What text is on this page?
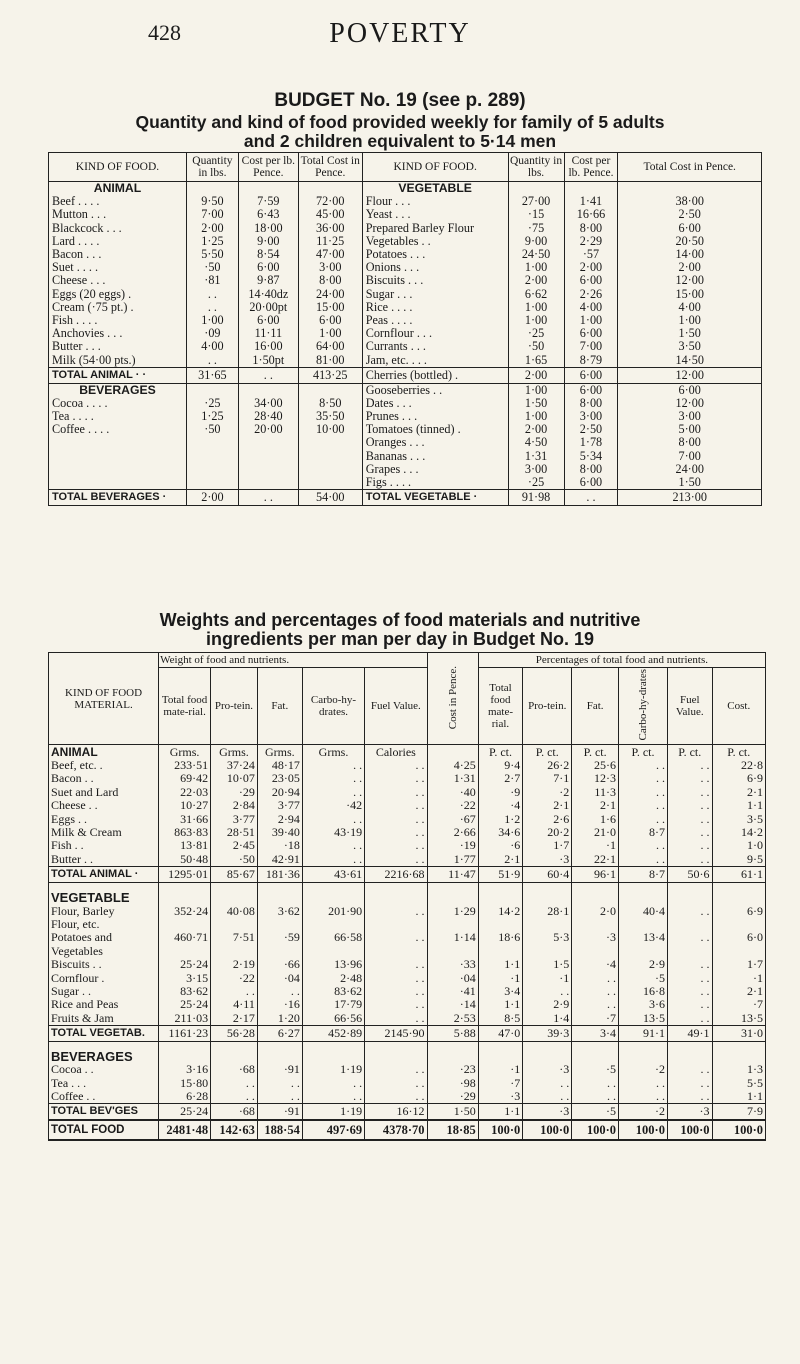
428	POVERTY
BUDGET No. 19 (see p. 289)
Quantity and kind of food provided weekly for family of 5 adults
and 2 children equivalent to 5·14 men
KIND OF FOOD.	Quantity in lbs.	Cost per lb. Pence.	Total Cost in Pence.	KIND OF FOOD.	Quantity in lbs.	Cost per lb. Pence.	Total Cost in Pence.
ANIMAL				VEGETABLE			
Beef . . . .	9·50	7·59	72·00	Flour . . .	27·00	1·41	38·00
Mutton . . .	7·00	6·43	45·00	Yeast . . .	·15	16·66	2·50
Blackcock . . .	2·00	18·00	36·00	Prepared Barley Flour	·75	8·00	6·00
Lard . . . .	1·25	9·00	11·25	Vegetables . .	9·00	2·29	20·50
Bacon . . .	5·50	8·54	47·00	Potatoes . . .	24·50	·57	14·00
Suet . . . .	·50	6·00	3·00	Onions . . .	1·00	2·00	2·00
Cheese . . .	·81	9·87	8·00	Biscuits . . .	2·00	6·00	12·00
Eggs (20 eggs) .	. .	14·40dz	24·00	Sugar . . .	6·62	2·26	15·00
Cream (·75 pt.) .	. .	20·00pt	15·00	Rice . . . .	1·00	4·00	4·00
Fish . . . .	1·00	6·00	6·00	Peas . . . .	1·00	1·00	1·00
Anchovies . . .	·09	11·11	1·00	Cornflour . . .	·25	6·00	1·50
Butter . . .	4·00	16·00	64·00	Currants . . .	·50	7·00	3·50
Milk (54·00 pts.)	. .	1·50pt	81·00	Jam, etc. . . .	1·65	8·79	14·50
TOTAL ANIMAL · ·	31·65	. .	413·25	Cherries (bottled) .	2·00	6·00	12·00
BEVERAGES				Gooseberries . .	1·00	6·00	6·00
Cocoa . . . .	·25	34·00	8·50	Dates . . .	1·50	8·00	12·00
Tea . . . .	1·25	28·40	35·50	Prunes . . .	1·00	3·00	3·00
Coffee . . . .	·50	20·00	10·00	Tomatoes (tinned) .	2·00	2·50	5·00
				Oranges . . .	4·50	1·78	8·00
				Bananas . . .	1·31	5·34	7·00
				Grapes . . .	3·00	8·00	24·00
				Figs . . . .	·25	6·00	1·50
TOTAL BEVERAGES ·	2·00	. .	54·00	TOTAL VEGETABLE ·	91·98	. .	213·00
Weights and percentages of food materials and nutritive
ingredients per man per day in Budget No. 19
KIND OF FOOD MATERIAL.	Weight of food and nutrients.					Cost in Pence.	Percentages of total food and nutrients.					
	Total food mate-rial.	Pro-tein.	Fat.	Carbo-hy-drates.	Fuel Value.		Total food mate-rial.	Pro-tein.	Fat.	Carbo-hy-drates	Fuel Value.	Cost.
ANIMAL	Grms.	Grms.	Grms.	Grms.	Calories		P. ct.	P. ct.	P. ct.	P. ct.	P. ct.	P. ct.
Beef, etc. .	233·51	37·24	48·17	. .	. .	4·25	9·4	26·2	25·6	. .	. .	22·8
Bacon . .	69·42	10·07	23·05	. .	. .	1·31	2·7	7·1	12·3	. .	. .	6·9
Suet and Lard	22·03	·29	20·94	. .	. .	·40	·9	·2	11·3	. .	. .	2·1
Cheese . .	10·27	2·84	3·77	·42	. .	·22	·4	2·1	2·1	. .	. .	1·1
Eggs . .	31·66	3·77	2·94	. .	. .	·67	1·2	2·6	1·6	. .	. .	3·5
Milk & Cream	863·83	28·51	39·40	43·19	. .	2·66	34·6	20·2	21·0	8·7	. .	14·2
Fish . .	13·81	2·45	·18	. .	. .	·19	·6	1·7	·1	. .	. .	1·0
Butter . .	50·48	·50	42·91	. .	. .	1·77	2·1	·3	22·1	. .	. .	9·5
TOTAL ANIMAL ·	1295·01	85·67	181·36	43·61	2216·68	11·47	51·9	60·4	96·1	8·7	50·6	61·1

VEGETABLE												
Flour, Barley	352·24	40·08	3·62	201·90	. .	1·29	14·2	28·1	2·0	40·4	. .	6·9
Flour, etc.												
Potatoes and	460·71	7·51	·59	66·58	. .	1·14	18·6	5·3	·3	13·4	. .	6·0
Vegetables												
Biscuits . .	25·24	2·19	·66	13·96	. .	·33	1·1	1·5	·4	2·9	. .	1·7
Cornflour .	3·15	·22	·04	2·48	. .	·04	·1	·1	. .	·5	. .	·1
Sugar . .	83·62	. .	. .	83·62	. .	·41	3·4	. .	. .	16·8	. .	2·1
Rice and Peas	25·24	4·11	·16	17·79	. .	·14	1·1	2·9	. .	3·6	. .	·7
Fruits & Jam	211·03	2·17	1·20	66·56	. .	2·53	8·5	1·4	·7	13·5	. .	13·5
TOTAL VEGETAB.	1161·23	56·28	6·27	452·89	2145·90	5·88	47·0	39·3	3·4	91·1	49·1	31·0

BEVERAGES												
Cocoa . .	3·16	·68	·91	1·19	. .	·23	·1	·3	·5	·2	. .	1·3
Tea . . .	15·80	. .	. .	. .	. .	·98	·7	. .	. .	. .	. .	5·5
Coffee . .	6·28	. .	. .	. .	. .	·29	·3	. .	. .	. .	. .	1·1
TOTAL BEV'GES	25·24	·68	·91	1·19	16·12	1·50	1·1	·3	·5	·2	·3	7·9
TOTAL FOOD	2481·48	142·63	188·54	497·69	4378·70	18·85	100·0	100·0	100·0	100·0	100·0	100·0
